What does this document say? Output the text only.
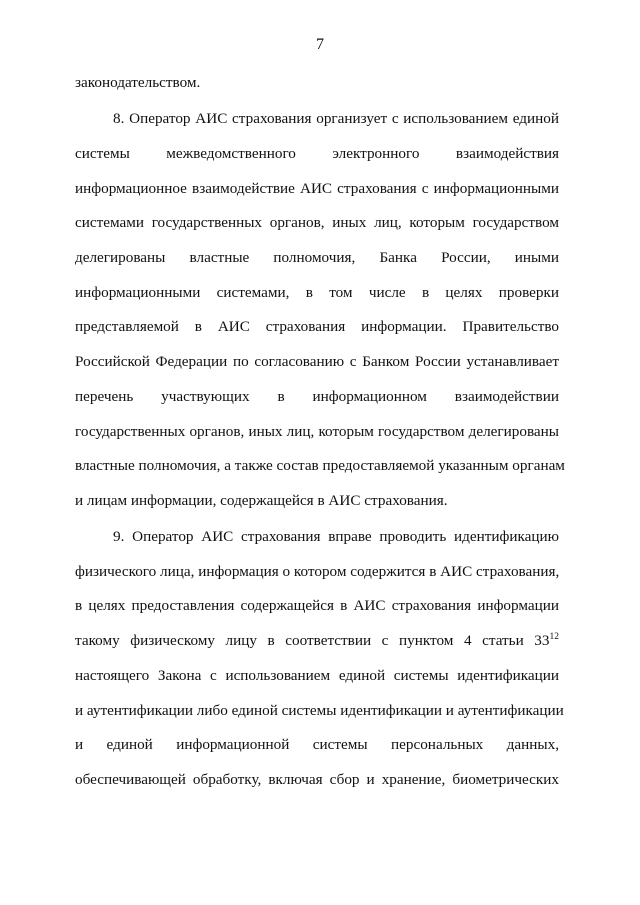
7
законодательством.
8. Оператор АИС страхования организует с использованием единой
системы межведомственного электронного взаимодействия
информационное взаимодействие АИС страхования с информационными
системами государственных органов, иных лиц, которым государством
делегированы властные полномочия, Банка России, иными
информационными системами, в том числе в целях проверки
представляемой в АИС страхования информации. Правительство
Российской Федерации по согласованию с Банком России устанавливает
перечень участвующих в информационном взаимодействии
государственных органов, иных лиц, которым государством делегированы
властные полномочия, а также состав предоставляемой указанным органам
и лицам информации, содержащейся в АИС страхования.
9. Оператор АИС страхования вправе проводить идентификацию
физического лица, информация о котором содержится в АИС страхования,
в целях предоставления содержащейся в АИС страхования информации
такому физическому лицу в соответствии с пунктом 4 статьи $33^{12}$
настоящего Закона с использованием единой системы идентификации
и аутентификации либо единой системы идентификации и аутентификации
и единой информационной системы персональных данных,
обеспечивающей обработку, включая сбор и хранение, биометрических
